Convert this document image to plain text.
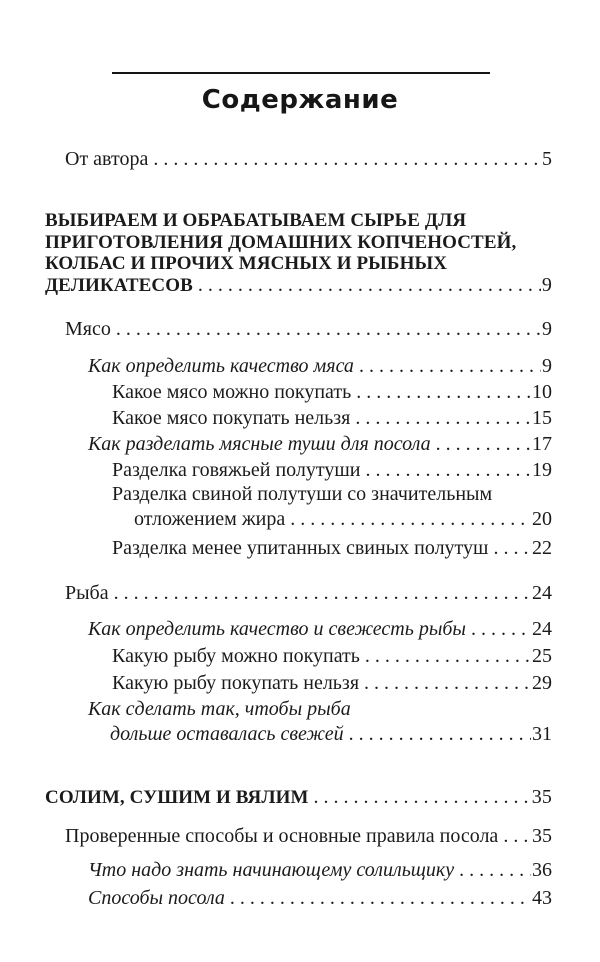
Содержание
От автора .....	5
ВЫБИРАЕМ И ОБРАБАТЫВАЕМ СЫРЬЕ ДЛЯ
ПРИГОТОВЛЕНИЯ ДОМАШНИХ КОПЧЕНОСТЕЙ,
КОЛБАС И ПРОЧИХ МЯСНЫХ И РЫБНЫХ
ДЕЛИКАТЕСОВ .....	9
Мясо .....	9
Как определить качество мяса .....	9
Какое мясо можно покупать .....	10
Какое мясо покупать нельзя .....	15
Как разделать мясные туши для посола .....	17
Разделка говяжьей полутуши .....	19
Разделка свиной полутуши со значительным
отложением жира .....	20
Разделка менее упитанных свиных полутуш ..... 22
Рыба .....	24
Как определить качество и свежесть рыбы .....	24
Какую рыбу можно покупать .....	25
Какую рыбу покупать нельзя .....	29
Как сделать так, чтобы рыба
дольше оставалась свежей .....	31
СОЛИМ, СУШИМ И ВЯЛИМ .....	35
Проверенные способы и основные правила посола ..... 35
Что надо знать начинающему солильщику .....	36
Способы посола .....	43
